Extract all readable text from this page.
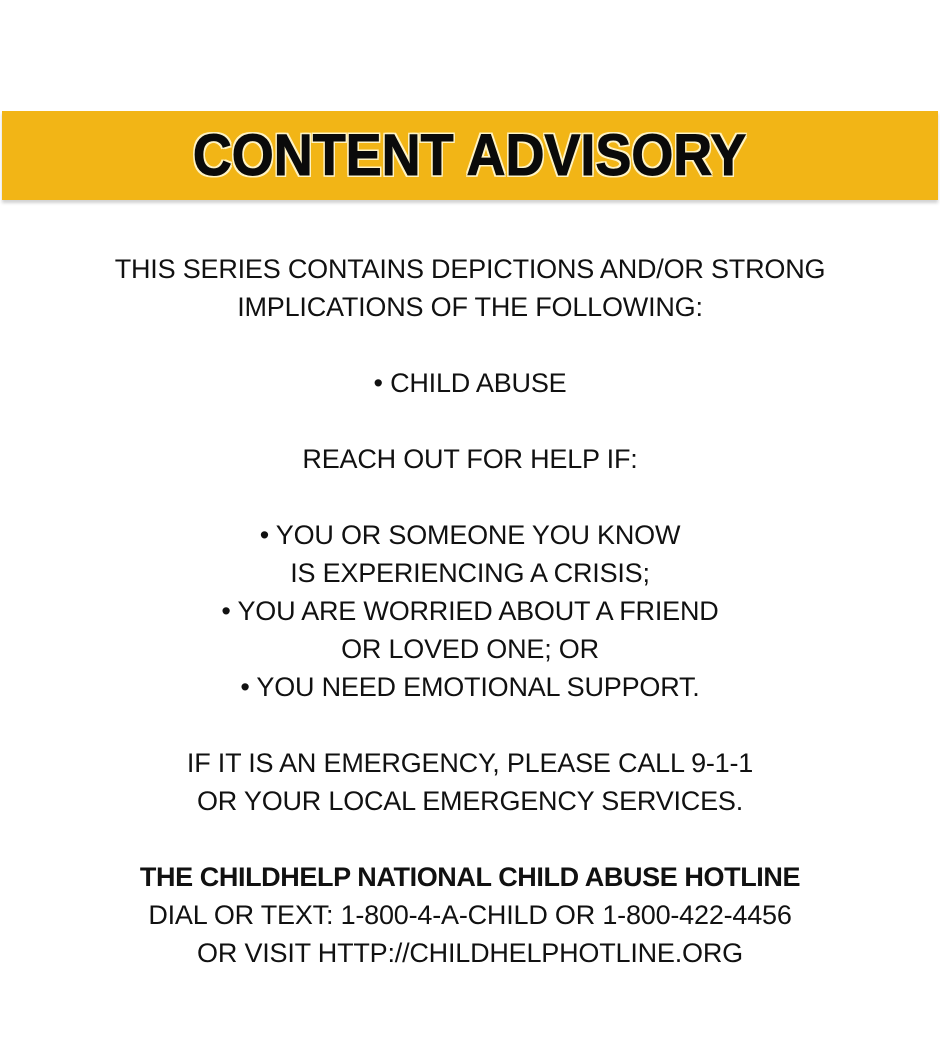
CONTENT ADVISORY
THIS SERIES CONTAINS DEPICTIONS AND/OR STRONG
IMPLICATIONS OF THE FOLLOWING:
• CHILD ABUSE
REACH OUT FOR HELP IF:
• YOU OR SOMEONE YOU KNOW
IS EXPERIENCING A CRISIS;
• YOU ARE WORRIED ABOUT A FRIEND
OR LOVED ONE; OR
• YOU NEED EMOTIONAL SUPPORT.
IF IT IS AN EMERGENCY, PLEASE CALL 9-1-1
OR YOUR LOCAL EMERGENCY SERVICES.
THE CHILDHELP NATIONAL CHILD ABUSE HOTLINE
DIAL OR TEXT: 1-800-4-A-CHILD OR 1-800-422-4456
OR VISIT HTTP://CHILDHELPHOTLINE.ORG
